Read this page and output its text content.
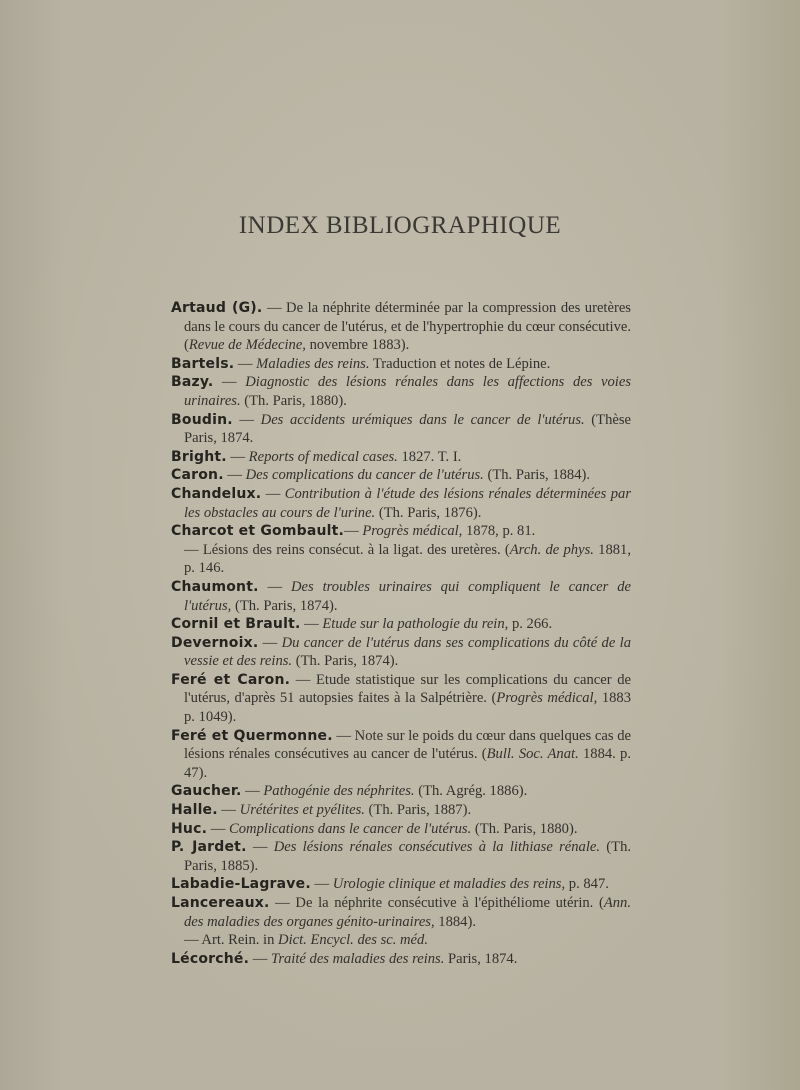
INDEX BIBLIOGRAPHIQUE

Artaud (G). — De la néphrite déterminée par la compression des uretères dans le cours du cancer de l'utérus, et de l'hypertrophie du cœur consécutive. (Revue de Médecine, novembre 1883).

Bartels. — Maladies des reins. Traduction et notes de Lépine.

Bazy. — Diagnostic des lésions rénales dans les affections des voies urinaires. (Th. Paris, 1880).

Boudin. — Des accidents urémiques dans le cancer de l'utérus. (Thèse Paris, 1874.

Bright. — Reports of medical cases. 1827. T. I.

Caron. — Des complications du cancer de l'utérus. (Th. Paris, 1884).

Chandelux. — Contribution à l'étude des lésions rénales déterminées par les obstacles au cours de l'urine. (Th. Paris, 1876).

Charcot et Gombault.— Progrès médical, 1878, p. 81.

— Lésions des reins consécut. à la ligat. des uretères. (Arch. de phys. 1881, p. 146.

Chaumont. — Des troubles urinaires qui compliquent le cancer de l'utérus, (Th. Paris, 1874).

Cornil et Brault. — Etude sur la pathologie du rein, p. 266.

Devernoix. — Du cancer de l'utérus dans ses complications du côté de la vessie et des reins. (Th. Paris, 1874).

Feré et Caron. — Etude statistique sur les complications du cancer de l'utérus, d'après 51 autopsies faites à la Salpétrière. (Progrès médical, 1883 p. 1049).

Feré et Quermonne. — Note sur le poids du cœur dans quelques cas de lésions rénales consécutives au cancer de l'utérus. (Bull. Soc. Anat. 1884. p. 47).

Gaucher. — Pathogénie des néphrites. (Th. Agrég. 1886).

Halle. — Urétérites et pyélites. (Th. Paris, 1887).

Huc. — Complications dans le cancer de l'utérus. (Th. Paris, 1880).

P. Jardet. — Des lésions rénales consécutives à la lithiase rénale. (Th. Paris, 1885).

Labadie-Lagrave. — Urologie clinique et maladies des reins, p. 847.

Lancereaux. — De la néphrite consécutive à l'épithéliome utérin. (Ann. des maladies des organes génito-urinaires, 1884).

— Art. Rein. in Dict. Encycl. des sc. méd.

Lécorché. — Traité des maladies des reins. Paris, 1874.
